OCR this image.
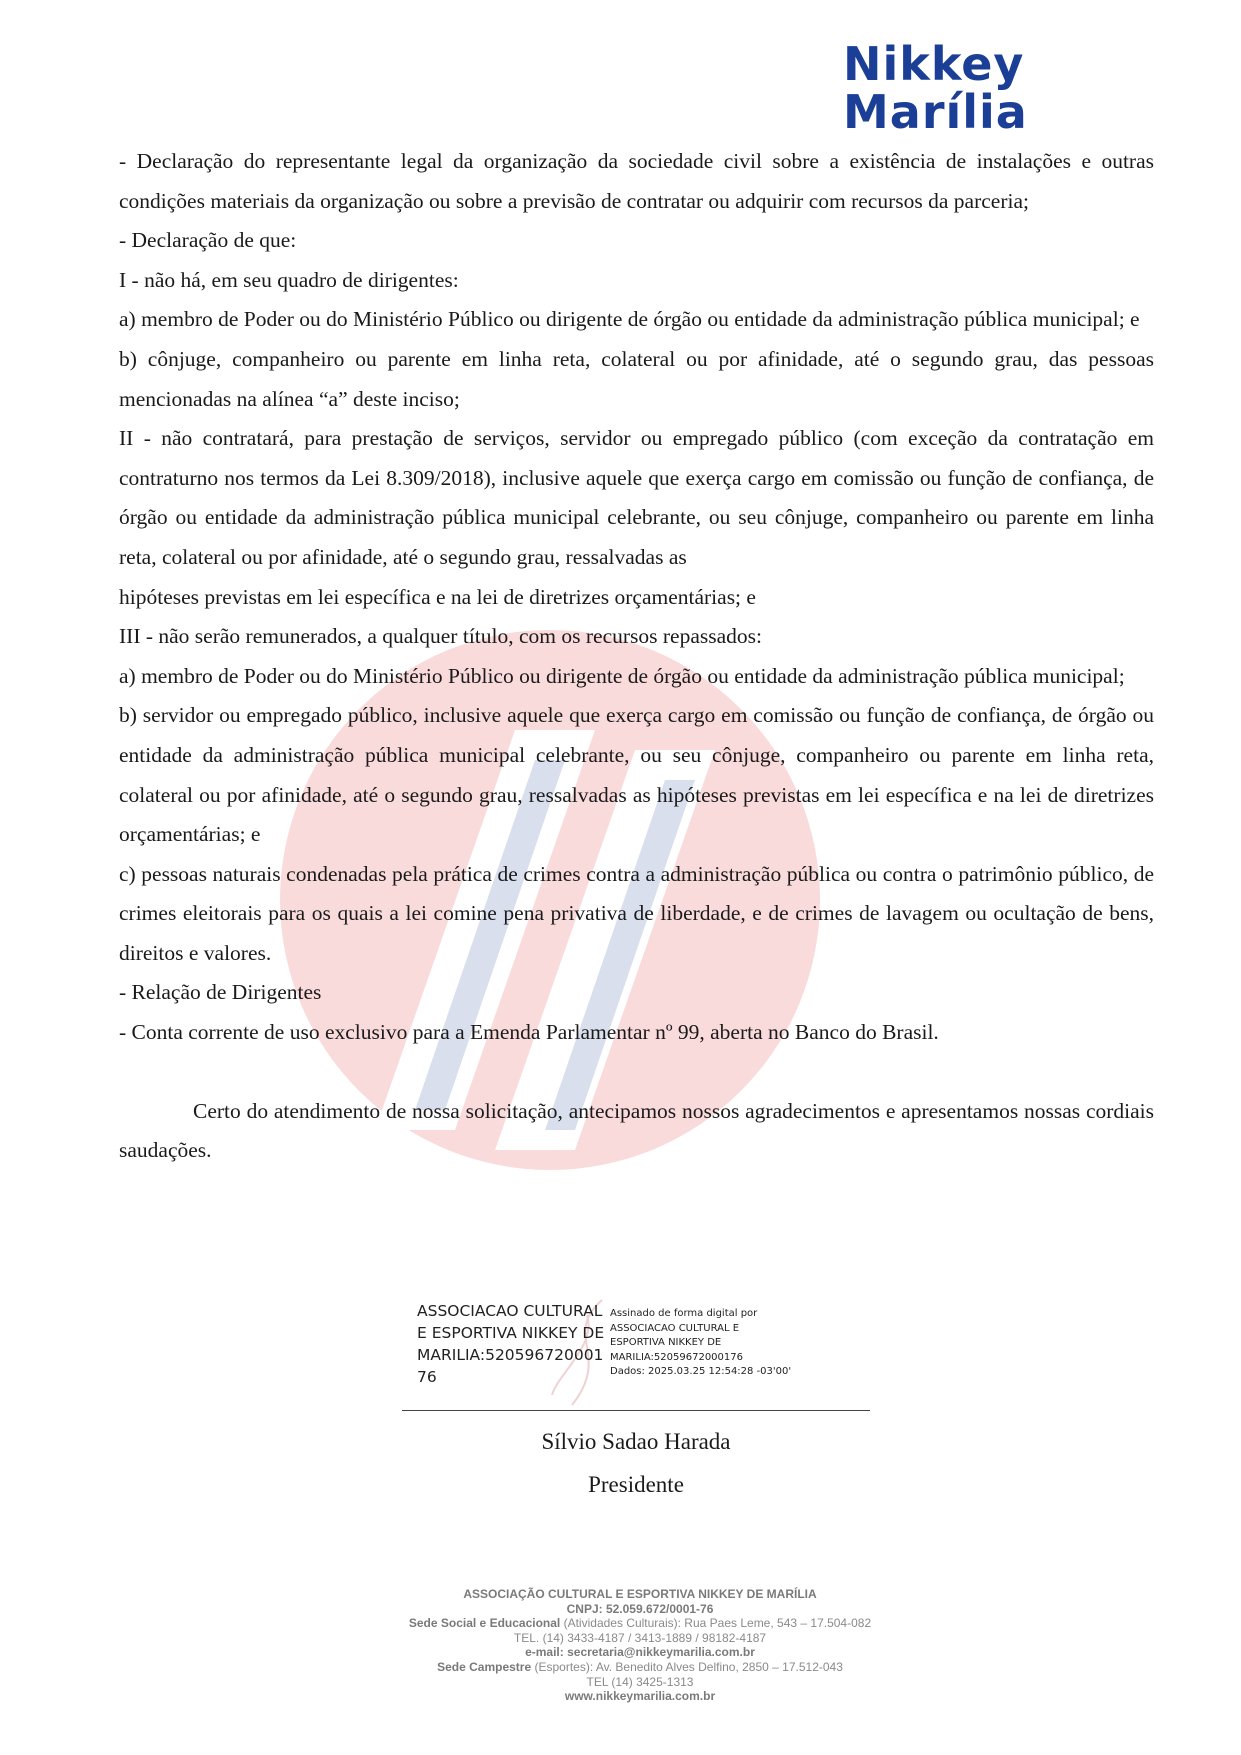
Nikkey
Marília

- Declaração do representante legal da organização da sociedade civil sobre a existência de instalações e outras condições materiais da organização ou sobre a previsão de contratar ou adquirir com recursos da parceria;

- Declaração de que:

I - não há, em seu quadro de dirigentes:

a) membro de Poder ou do Ministério Público ou dirigente de órgão ou entidade da administração pública municipal; e

b) cônjuge, companheiro ou parente em linha reta, colateral ou por afinidade, até o segundo grau, das pessoas mencionadas na alínea “a” deste inciso;

II - não contratará, para prestação de serviços, servidor ou empregado público (com exceção da contratação em contraturno nos termos da Lei 8.309/2018), inclusive aquele que exerça cargo em comissão ou função de confiança, de órgão ou entidade da administração pública municipal celebrante, ou seu cônjuge, companheiro ou parente em linha reta, colateral ou por afinidade, até o segundo grau, ressalvadas as

hipóteses previstas em lei específica e na lei de diretrizes orçamentárias; e

III - não serão remunerados, a qualquer título, com os recursos repassados:

a) membro de Poder ou do Ministério Público ou dirigente de órgão ou entidade da administração pública municipal;

b) servidor ou empregado público, inclusive aquele que exerça cargo em comissão ou função de confiança, de órgão ou entidade da administração pública municipal celebrante, ou seu cônjuge, companheiro ou parente em linha reta, colateral ou por afinidade, até o segundo grau, ressalvadas as hipóteses previstas em lei específica e na lei de diretrizes orçamentárias; e

c) pessoas naturais condenadas pela prática de crimes contra a administração pública ou contra o patrimônio público, de crimes eleitorais para os quais a lei comine pena privativa de liberdade, e de crimes de lavagem ou ocultação de bens, direitos e valores.

- Relação de Dirigentes

- Conta corrente de uso exclusivo para a Emenda Parlamentar nº 99, aberta no Banco do Brasil.

Certo do atendimento de nossa solicitação, antecipamos nossos agradecimentos e apresentamos nossas cordiais saudações.

ASSOCIACAO CULTURAL
E ESPORTIVA NIKKEY DE
MARILIA:520596720001
76
Assinado de forma digital por
ASSOCIACAO CULTURAL E
ESPORTIVA NIKKEY DE
MARILIA:52059672000176
Dados: 2025.03.25 12:54:28 -03'00'
Sílvio Sadao Harada
Presidente
ASSOCIAÇÃO CULTURAL E ESPORTIVA NIKKEY DE MARÍLIA
CNPJ: 52.059.672/0001-76
Sede Social e Educacional (Atividades Culturais): Rua Paes Leme, 543 – 17.504-082
TEL. (14) 3433-4187 / 3413-1889 / 98182-4187
e-mail: secretaria@nikkeymarilia.com.br
Sede Campestre (Esportes): Av. Benedito Alves Delfino, 2850 – 17.512-043
TEL (14) 3425-1313
www.nikkeymarilia.com.br
